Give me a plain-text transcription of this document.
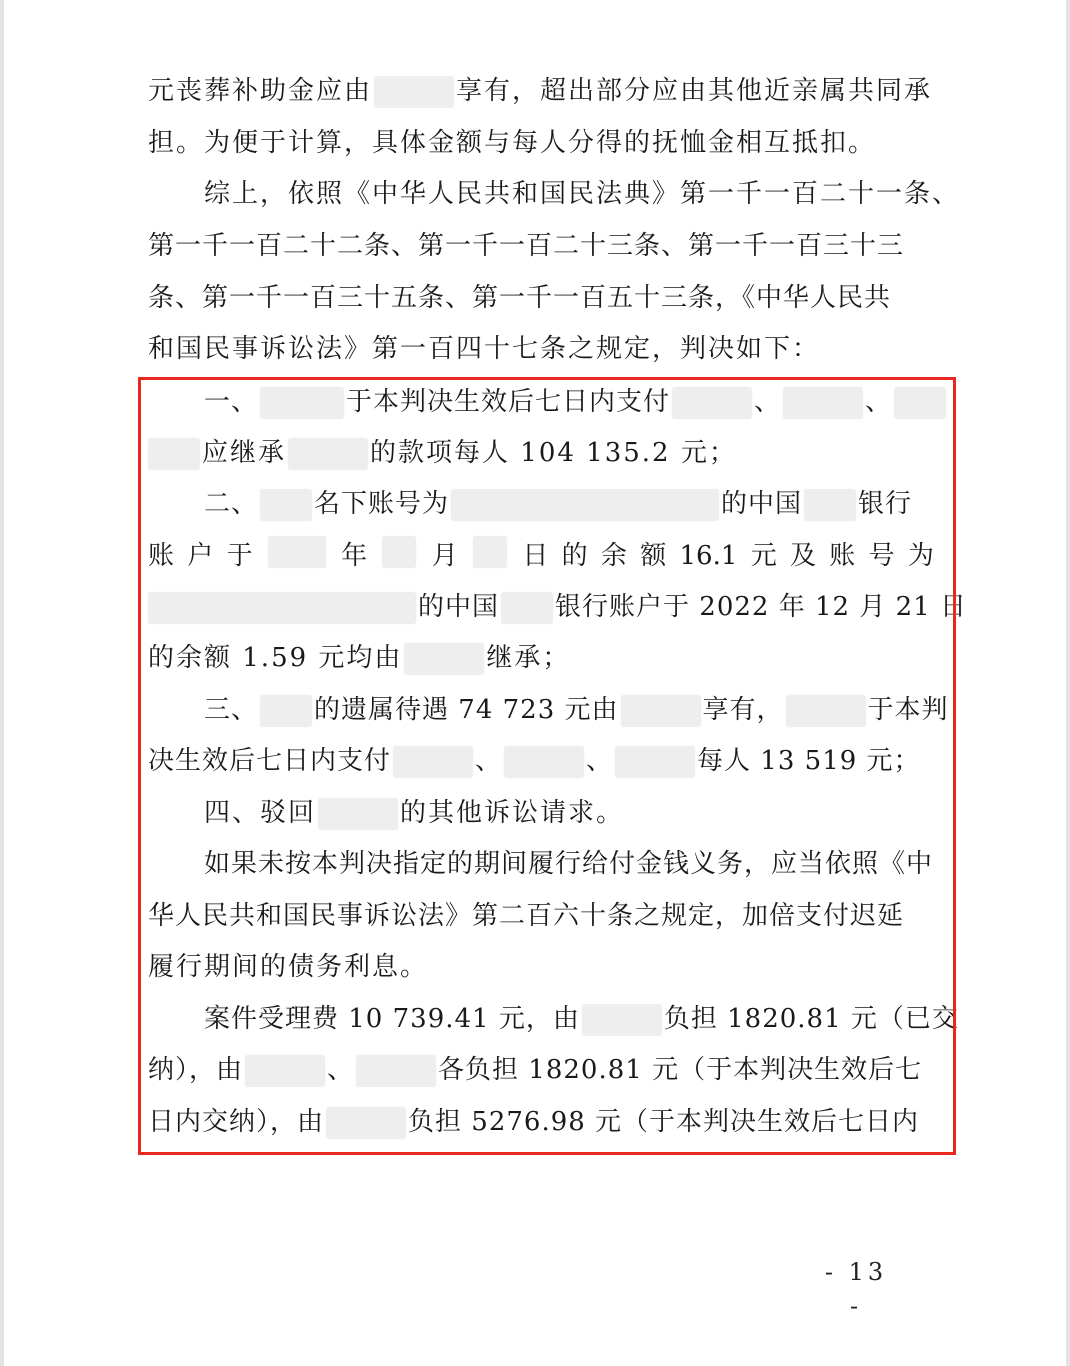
元丧葬补助金应由	享有，超出部分应由其他近亲属共同承
担。为便于计算，具体金额与每人分得的抚恤金相互抵扣。
综上，依照《中华人民共和国民法典》第一千一百二十一条、
第一千一百二十二条、第一千一百二十三条、第一千一百三十三
条、第一千一百三十五条、第一千一百五十三条，《中华人民共
和国民事诉讼法》第一百四十七条之规定，判决如下：
一、	于本判决生效后七日内支付	、	、
应继承	的款项每人 104 135.2 元；
二、 名下账号为	的中国 银行
账 户 于	年 月 日 的 余 额 16.1 元 及 账 号 为
的中国 银行账户于 2022 年 12 月 21 日
的余额 1.59 元均由	继承；
三、 的遗属待遇 74 723 元由	享有，	于本判
决生效后七日内支付	、	、	每人 13 519 元；
四、驳回	的其他诉讼请求。
如果未按本判决指定的期间履行给付金钱义务，应当依照《中
华人民共和国民事诉讼法》第二百六十条之规定，加倍支付迟延
履行期间的债务利息。
案件受理费 10 739.41 元，由	负担 1820.81 元（已交
纳），由	、	各负担 1820.81 元（于本判决生效后七
日内交纳），由	负担 5276.98 元（于本判决生效后七日内
- 13 -
